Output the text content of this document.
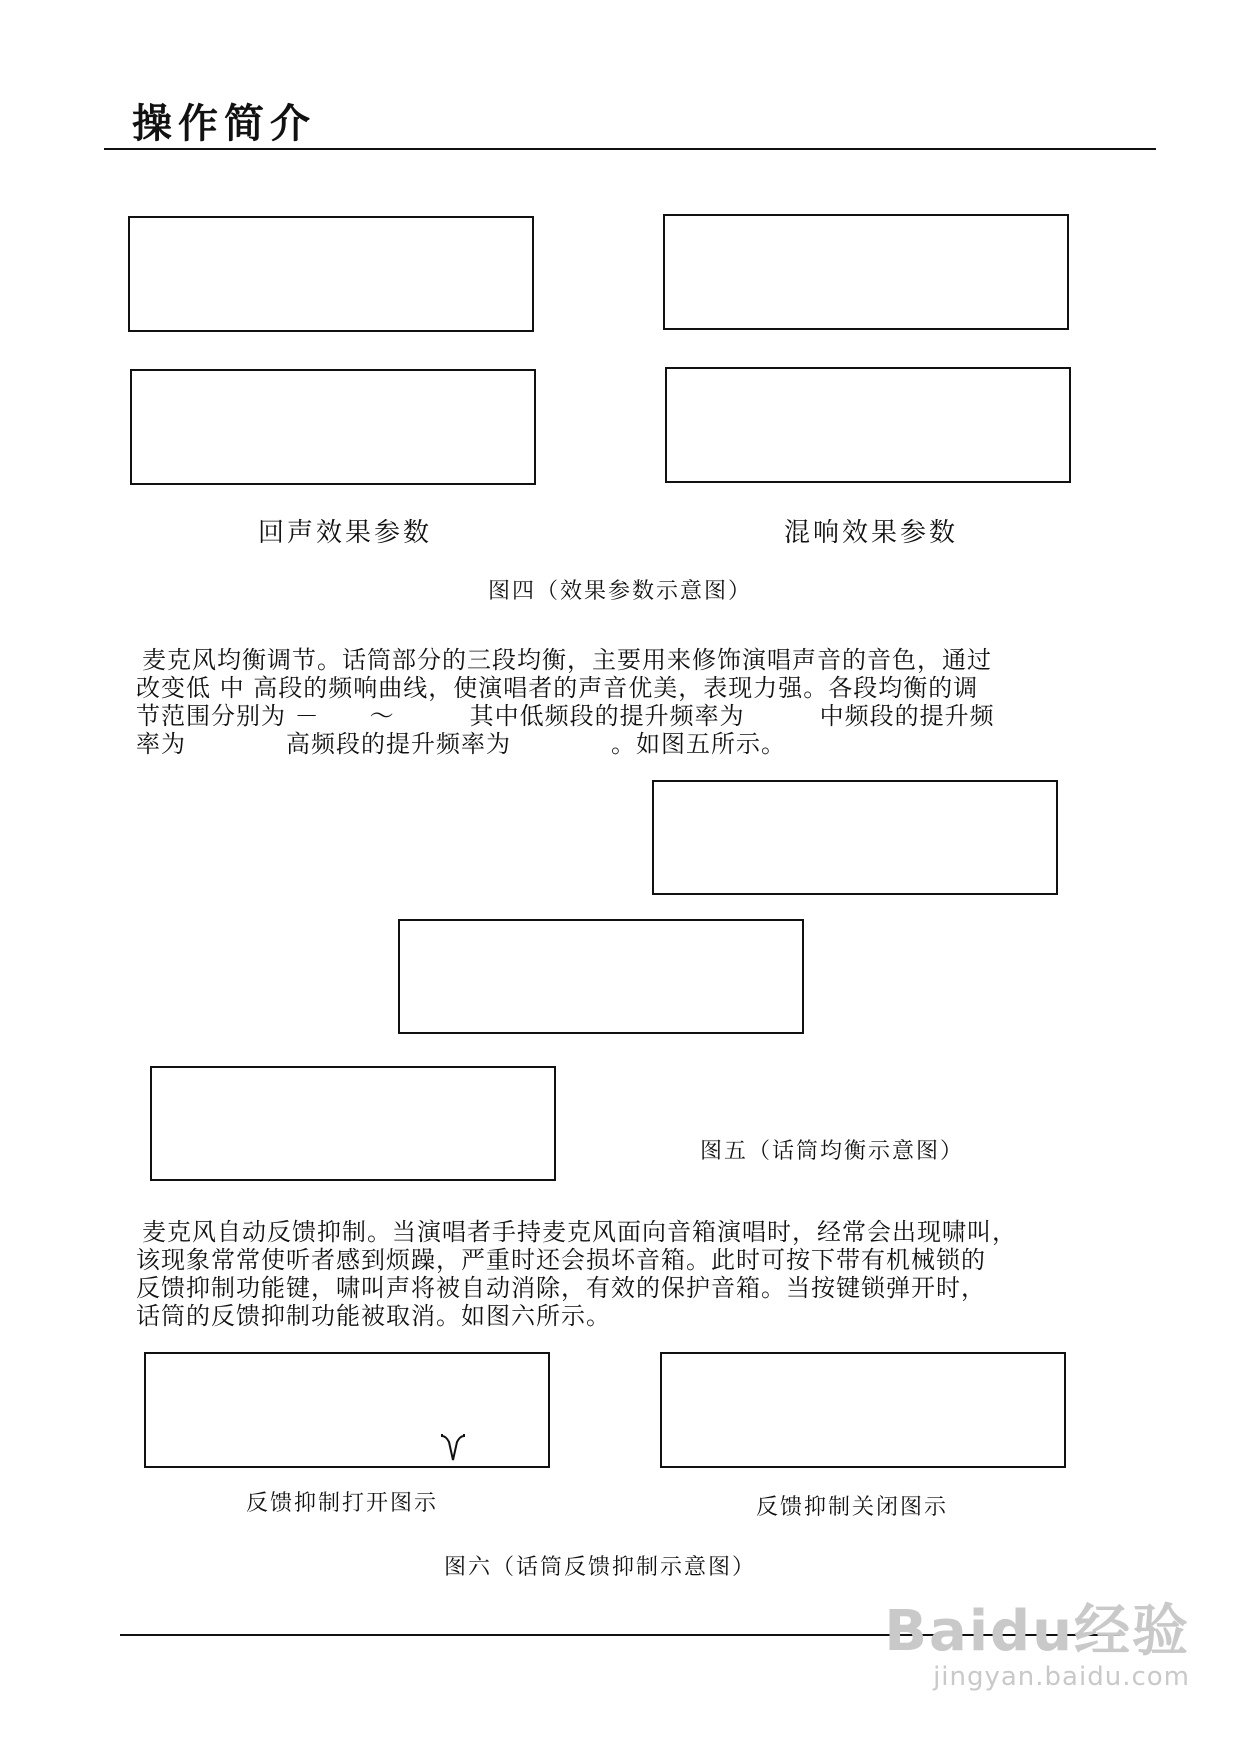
操作简介
回声效果参数	混响效果参数
图四（效果参数示意图）

麦克风均衡调节。话筒部分的三段均衡，主要用来修饰演唱声音的音色，通过

改变低 中 高段的频响曲线，使演唱者的声音优美，表现力强。各段均衡的调

节范围分别为 －　　～　　　其中低频段的提升频率为　　　中频段的提升频

率为　　　　高频段的提升频率为　　　　。如图五所示。

图五（话筒均衡示意图）

麦克风自动反馈抑制。当演唱者手持麦克风面向音箱演唱时，经常会出现啸叫，

该现象常常使听者感到烦躁，严重时还会损坏音箱。此时可按下带有机械锁的

反馈抑制功能键，啸叫声将被自动消除，有效的保护音箱。当按键锁弹开时，

话筒的反馈抑制功能被取消。如图六所示。

反馈抑制打开图示	反馈抑制关闭图示
图六（话筒反馈抑制示意图）
Baidu经验
jingyan.baidu.com
